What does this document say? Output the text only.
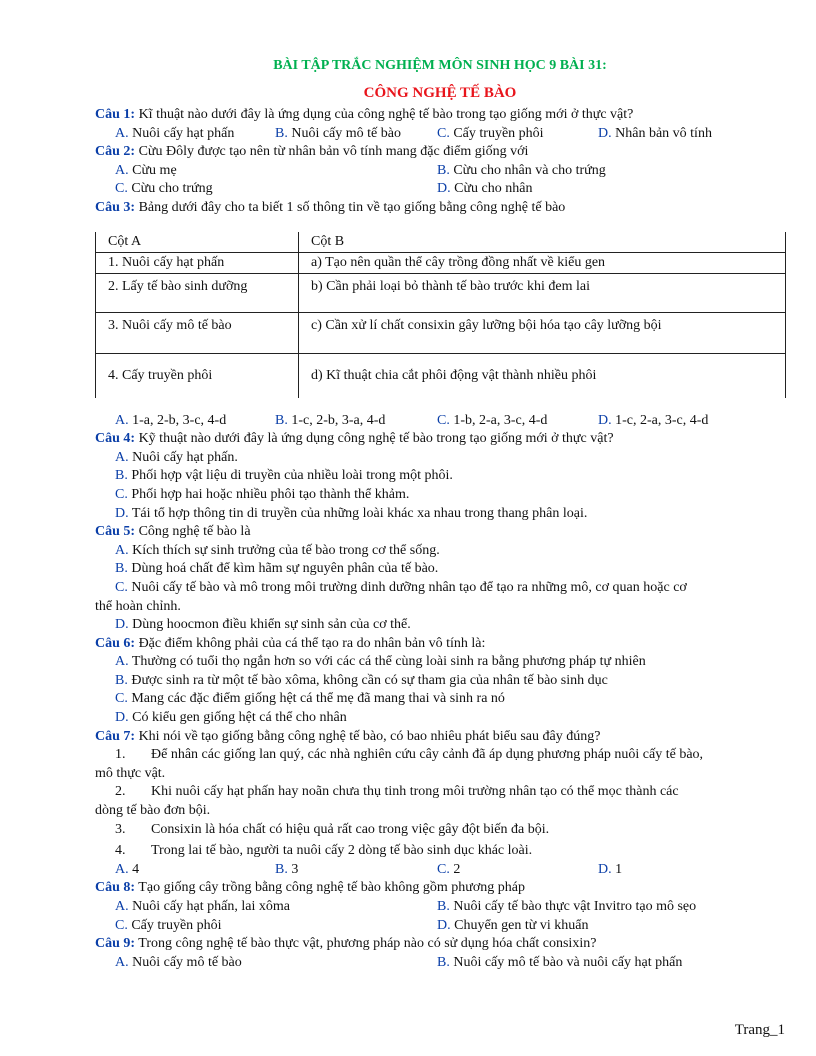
BÀI TẬP TRẮC NGHIỆM MÔN SINH HỌC 9 BÀI 31:
CÔNG NGHỆ TẾ BÀO
Câu 1: Kĩ thuật nào dưới đây là ứng dụng của công nghệ tế bào trong tạo giống mới ở thực vật?
A. Nuôi cấy hạt phấn	B. Nuôi cấy mô tế bào	C. Cấy truyền phôi	D. Nhân bản vô tính
Câu 2: Cừu Đôly được tạo nên từ nhân bản vô tính mang đặc điểm giống với
A. Cừu mẹ	B. Cừu cho nhân và cho trứng
C. Cừu cho trứng	D. Cừu cho nhân
Câu 3: Bảng dưới đây cho ta biết 1 số thông tin về tạo giống bằng công nghệ tế bào
Cột A	Cột B
1. Nuôi cấy hạt phấn	a) Tạo nên quần thể cây trồng đồng nhất về kiểu gen
2. Lấy tế bào sinh dưỡng	b) Cần phải loại bỏ thành tế bào trước khi đem lai
3. Nuôi cấy mô tế bào	c) Cần xử lí chất consixin gây lưỡng bội hóa tạo cây lưỡng bội
4. Cấy truyền phôi	d) Kĩ thuật chia cắt phôi động vật thành nhiều phôi
A. 1-a, 2-b, 3-c, 4-d	B. 1-c, 2-b, 3-a, 4-d	C. 1-b, 2-a, 3-c, 4-d	D. 1-c, 2-a, 3-c, 4-d
Câu 4: Kỹ thuật nào dưới đây là ứng dụng công nghệ tế bào trong tạo giống mới ở thực vật?
A. Nuôi cấy hạt phấn.
B. Phối hợp vật liệu di truyền của nhiều loài trong một phôi.
C. Phối hợp hai hoặc nhiều phôi tạo thành thể khảm.
D. Tái tổ hợp thông tin di truyền của những loài khác xa nhau trong thang phân loại.
Câu 5: Công nghệ tế bào là
A. Kích thích sự sinh trưởng của tế bào trong cơ thể sống.
B. Dùng hoá chất để kìm hãm sự nguyên phân của tế bào.
C. Nuôi cấy tế bào và mô trong môi trường dinh dưỡng nhân tạo để tạo ra những mô, cơ quan hoặc cơ
thể hoàn chỉnh.
D. Dùng hoocmon điều khiển sự sinh sản của cơ thể.
Câu 6: Đặc điểm không phải của cá thể tạo ra do nhân bản vô tính là:
A. Thường có tuổi thọ ngắn hơn so với các cá thể cùng loài sinh ra bằng phương pháp tự nhiên
B. Được sinh ra từ một tế bào xôma, không cần có sự tham gia của nhân tế bào sinh dục
C. Mang các đặc điểm giống hệt cá thể mẹ đã mang thai và sinh ra nó
D. Có kiểu gen giống hệt cá thể cho nhân
Câu 7: Khi nói về tạo giống bằng công nghệ tế bào, có bao nhiêu phát biểu sau đây đúng?
1.	Để nhân các giống lan quý, các nhà nghiên cứu cây cảnh đã áp dụng phương pháp nuôi cấy tế bào,
mô thực vật.
2.	Khi nuôi cấy hạt phấn hay noãn chưa thụ tinh trong môi trường nhân tạo có thể mọc thành các
dòng tế bào đơn bội.
3.	Consixin là hóa chất có hiệu quả rất cao trong việc gây đột biến đa bội.
4.	Trong lai tế bào, người ta nuôi cấy 2 dòng tế bào sinh dục khác loài.
A. 4	B. 3	C. 2	D. 1
Câu 8: Tạo giống cây trồng bằng công nghệ tế bào không gồm phương pháp
A. Nuôi cấy hạt phấn, lai xôma	B. Nuôi cấy tế bào thực vật Invitro tạo mô sẹo
C. Cấy truyền phôi	D. Chuyển gen từ vi khuẩn
Câu 9: Trong công nghệ tế bào thực vật, phương pháp nào có sử dụng hóa chất consixin?
A. Nuôi cấy mô tế bào	B. Nuôi cấy mô tế bào và nuôi cấy hạt phấn
Trang_1
